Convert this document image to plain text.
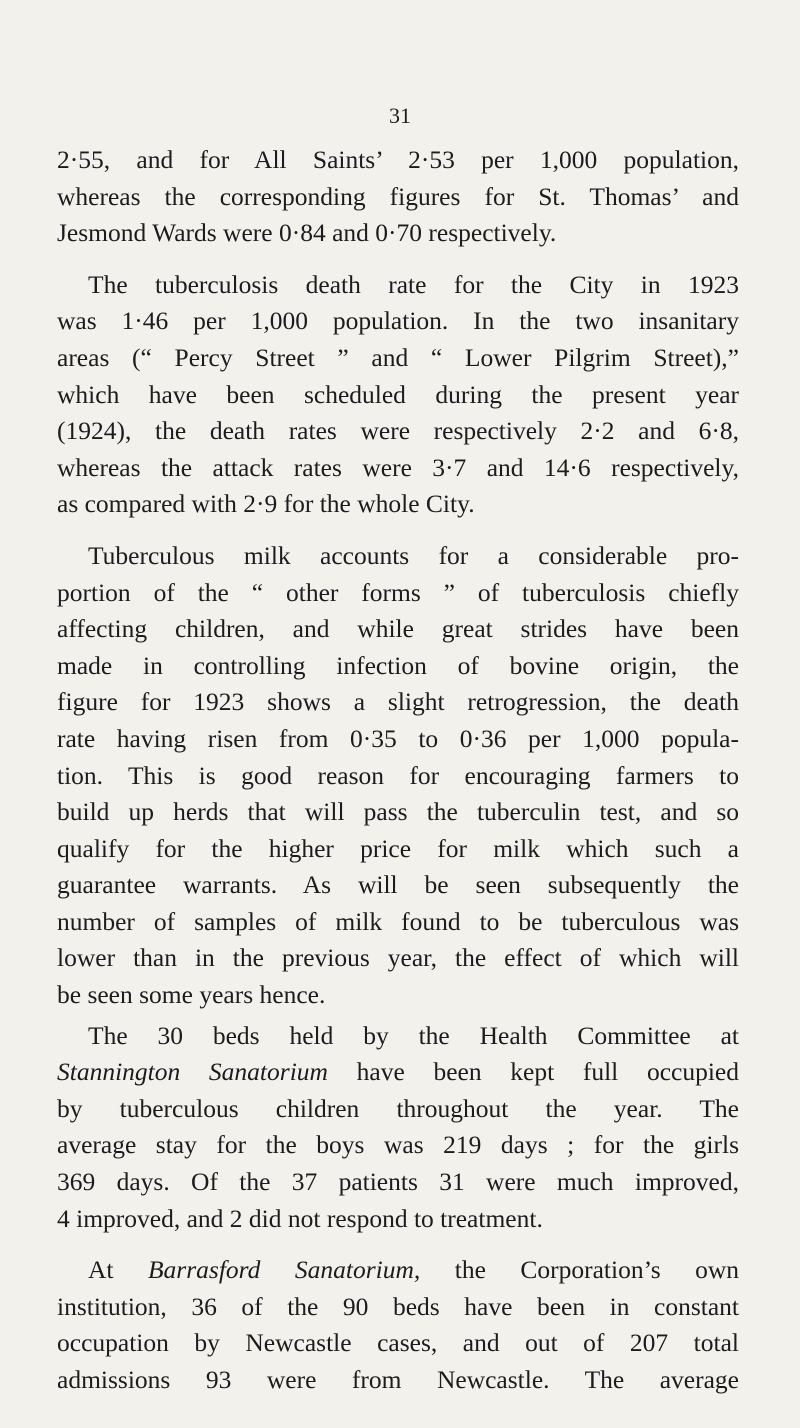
31
2·55, and for All Saints’ 2·53 per 1,000 population,
whereas the corresponding figures for St. Thomas’ and
Jesmond Wards were 0·84 and 0·70 respectively.
The tuberculosis death rate for the City in 1923
was 1·46 per 1,000 population. In the two insanitary
areas (“ Percy Street ” and “ Lower Pilgrim Street),”
which have been scheduled during the present year
(1924), the death rates were respectively 2·2 and 6·8,
whereas the attack rates were 3·7 and 14·6 respectively,
as compared with 2·9 for the whole City.
Tuberculous milk accounts for a considerable pro-
portion of the “ other forms ” of tuberculosis chiefly
affecting children, and while great strides have been
made in controlling infection of bovine origin, the
figure for 1923 shows a slight retrogression, the death
rate having risen from 0·35 to 0·36 per 1,000 popula-
tion. This is good reason for encouraging farmers to
build up herds that will pass the tuberculin test, and so
qualify for the higher price for milk which such a
guarantee warrants. As will be seen subsequently the
number of samples of milk found to be tuberculous was
lower than in the previous year, the effect of which will
be seen some years hence.
The 30 beds held by the Health Committee at
Stannington Sanatorium have been kept full occupied
by tuberculous children throughout the year. The
average stay for the boys was 219 days ; for the girls
369 days. Of the 37 patients 31 were much improved,
4 improved, and 2 did not respond to treatment.
At Barrasford Sanatorium, the Corporation’s own
institution, 36 of the 90 beds have been in constant
occupation by Newcastle cases, and out of 207 total
admissions 93 were from Newcastle. The average
